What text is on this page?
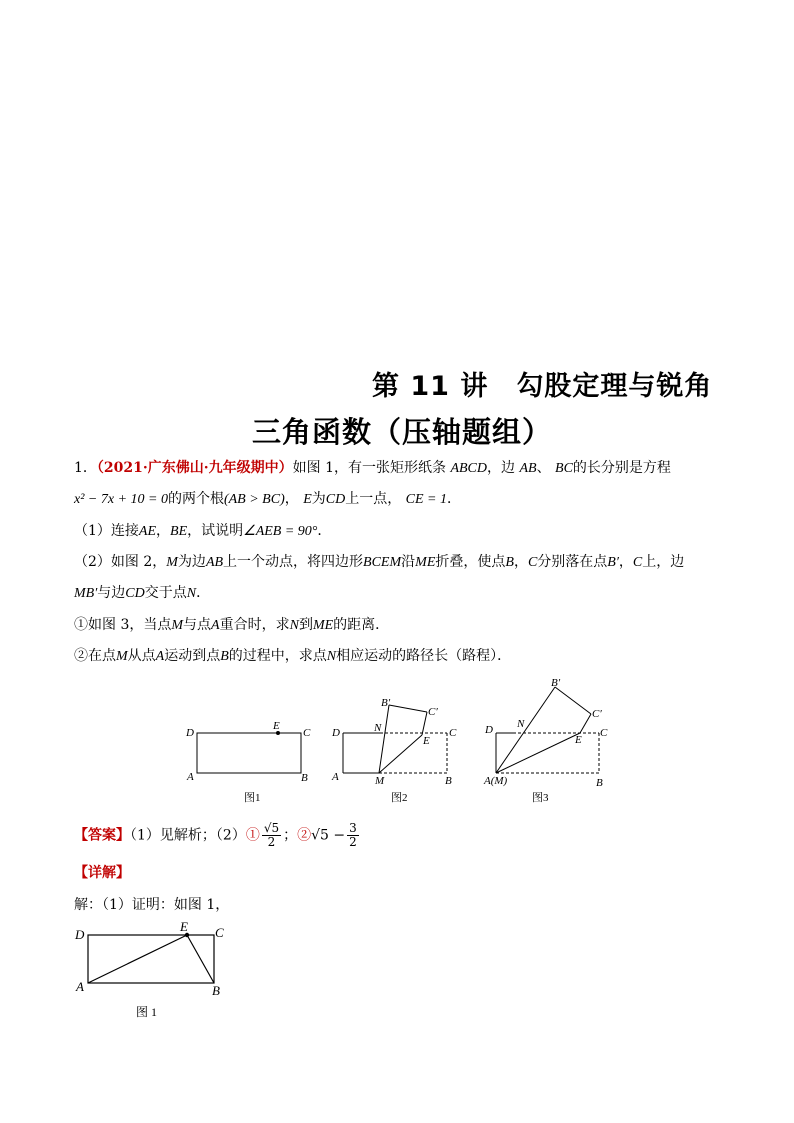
第 11 讲　勾股定理与锐角
三角函数（压轴题组）
1．（2021·广东佛山·九年级期中）如图 1，有一张矩形纸条 ABCD，边 AB、 BC的长分别是方程
x² − 7x + 10 = 0的两个根(AB > BC)， E为CD上一点， CE = 1．
（1）连接AE，BE，试说明∠AEB = 90°．
（2）如图 2，M为边AB上一个动点，将四边形BCEM沿ME折叠，使点B，C分别落在点B′，C上，边
MB′与边CD交于点N．
①如图 3，当点M与点A重合时，求N到ME的距离．
②在点M从点A运动到点B的过程中，求点N相应运动的路径长（路程）．
D
E
C
A	B
图1
B′
C′
N
D	C
E
A	M	B
图2
B′
C′
N
D	C
E
A(M)	B
图3
【答案】（1）见解析；（2）① $\frac{√5}{2}$ ；②√5 − $\frac{3}{2}$
【详解】
解：（1）证明：如图 1，
D
E C
A	B
图 1
